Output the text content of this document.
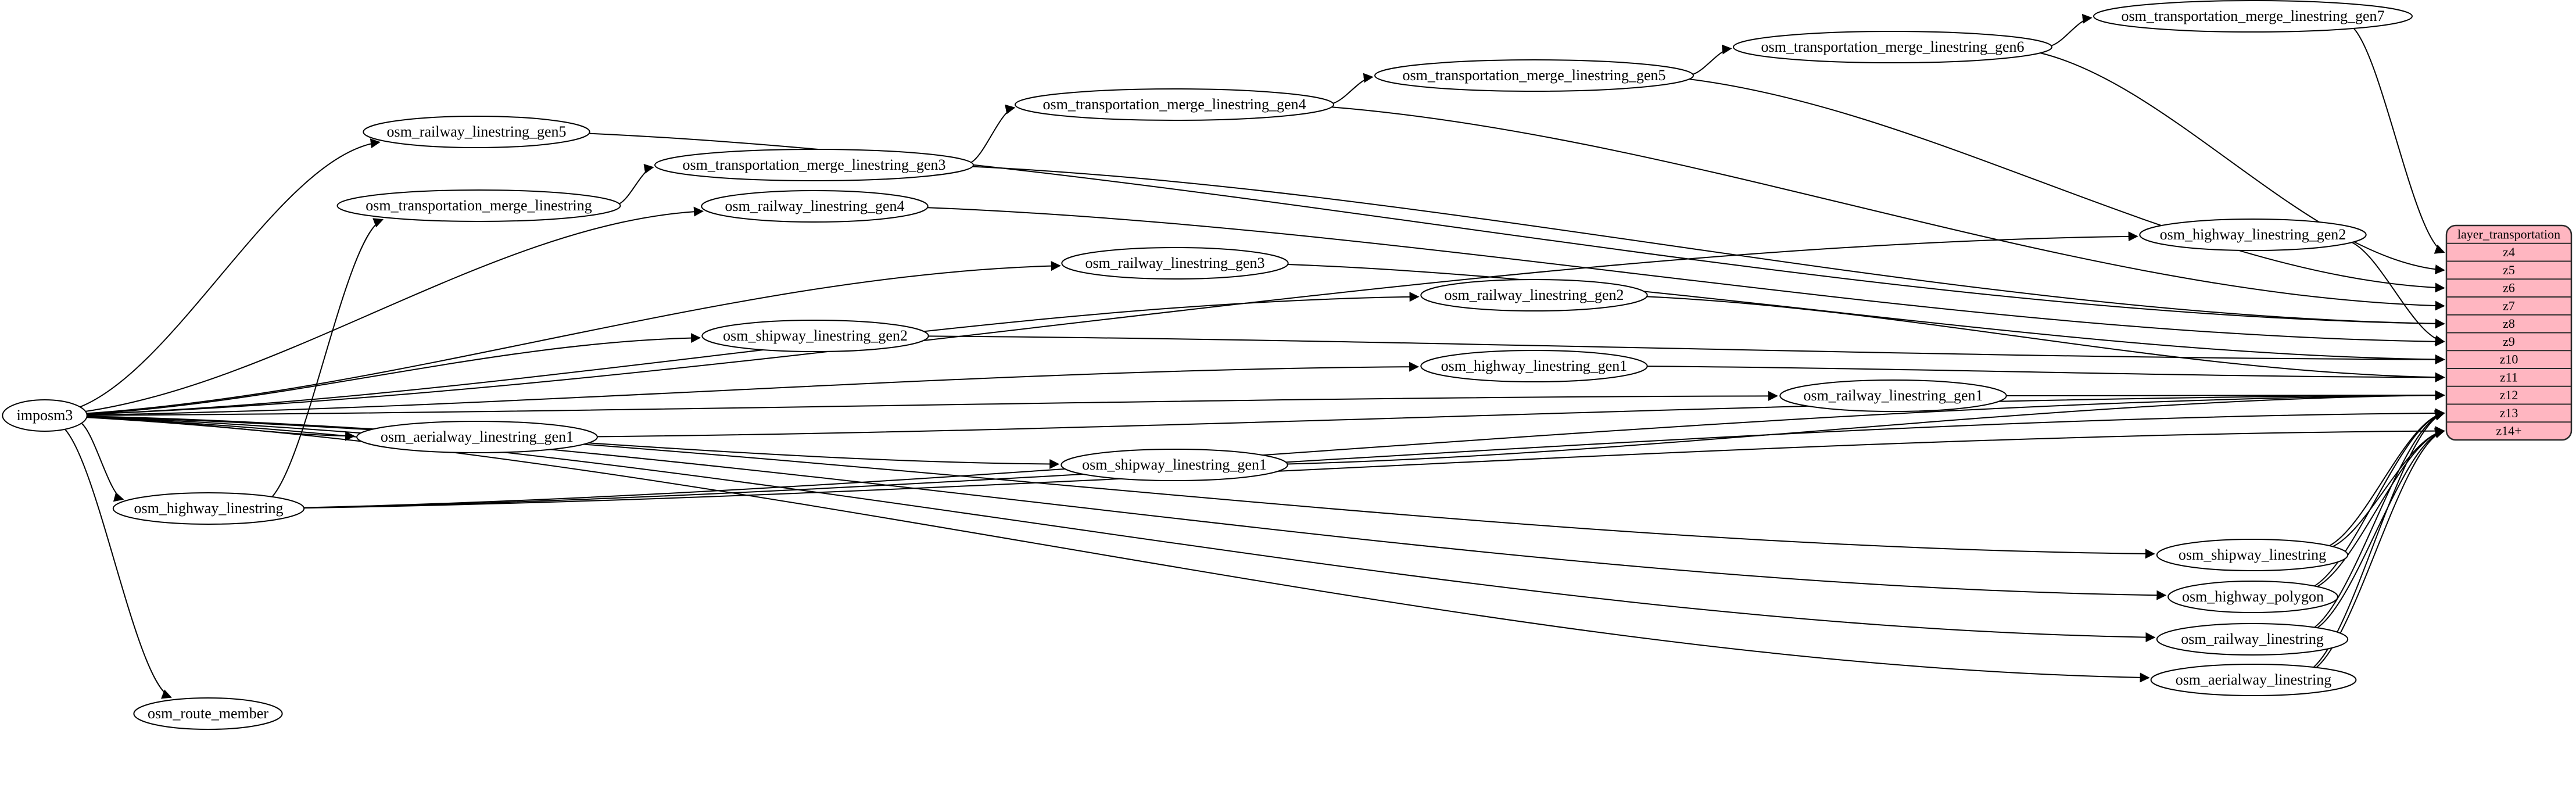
imposm3
osm_railway_linestring_gen5
osm_transportation_merge_linestring_gen3
osm_transportation_merge_linestring	osm_railway_linestring_gen4
osm_transportation_merge_linestring_gen4
osm_transportation_merge_linestring_gen5
osm_transportation_merge_linestring_gen6
osm_transportation_merge_linestring_gen7
osm_highway_linestring_gen2
osm_railway_linestring_gen3
osm_railway_linestring_gen2
osm_shipway_linestring_gen2
osm_highway_linestring_gen1
osm_railway_linestring_gen1
osm_aerialway_linestring_gen1
osm_shipway_linestring_gen1
osm_highway_linestring
osm_shipway_linestring
osm_highway_polygon
osm_railway_linestring
osm_aerialway_linestring
osm_route_member
layer_transportation
z4
z5
z6
z7
z8
z9
z10
z11
z12
z13
z14+
